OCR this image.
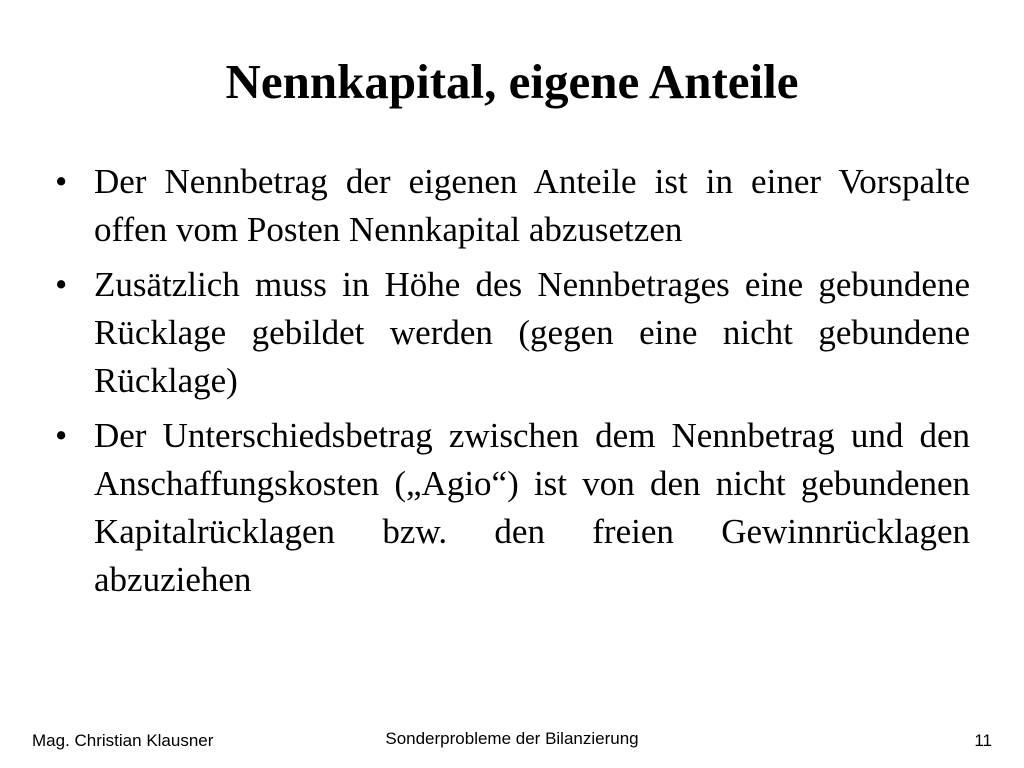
Nennkapital, eigene Anteile
• Der Nennbetrag der eigenen Anteile ist in einer Vorspalte offen vom Posten Nennkapital abzusetzen
• Zusätzlich muss in Höhe des Nennbetrages eine gebundene Rücklage gebildet werden (gegen eine nicht gebundene Rücklage)
• Der Unterschiedsbetrag zwischen dem Nennbetrag und den Anschaffungskosten („Agio“) ist von den nicht gebundenen Kapitalrücklagen bzw. den freien Gewinnrücklagen abzuziehen
Mag. Christian Klausner	Sonderprobleme der Bilanzierung	11
